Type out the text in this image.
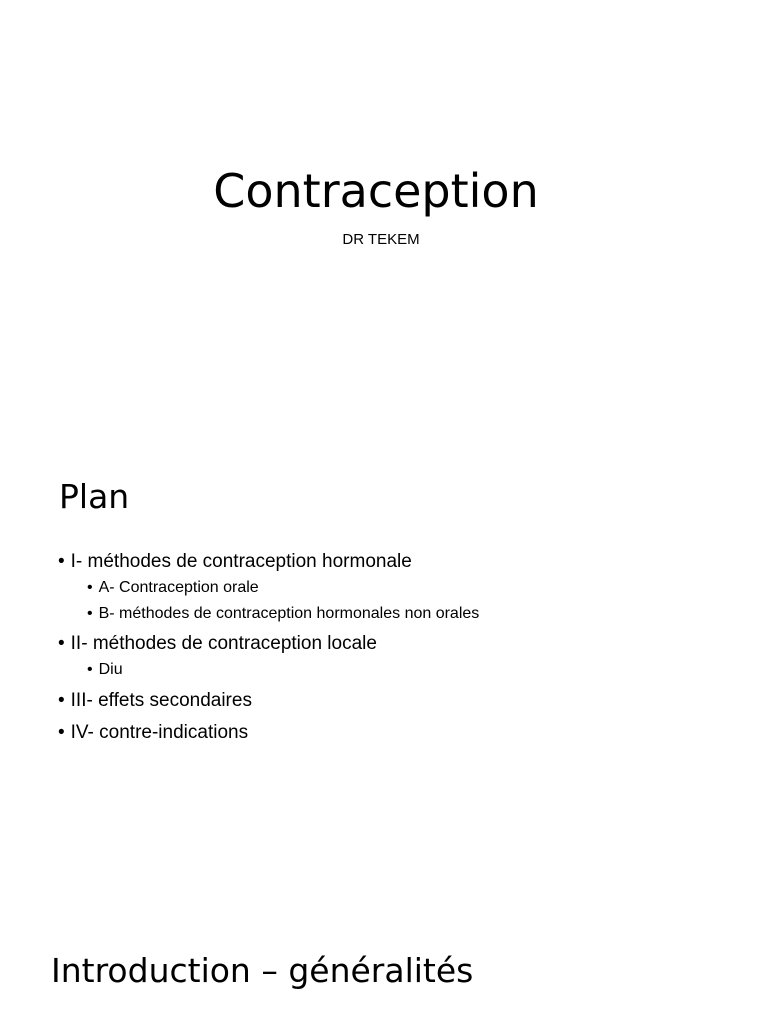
Contraception
DR TEKEM
Plan
• I- méthodes de contraception hormonale
• A- Contraception orale
• B- méthodes de contraception hormonales non orales
• II- méthodes de contraception locale
• Diu
• III- effets secondaires
• IV- contre-indications
Introduction – généralités
